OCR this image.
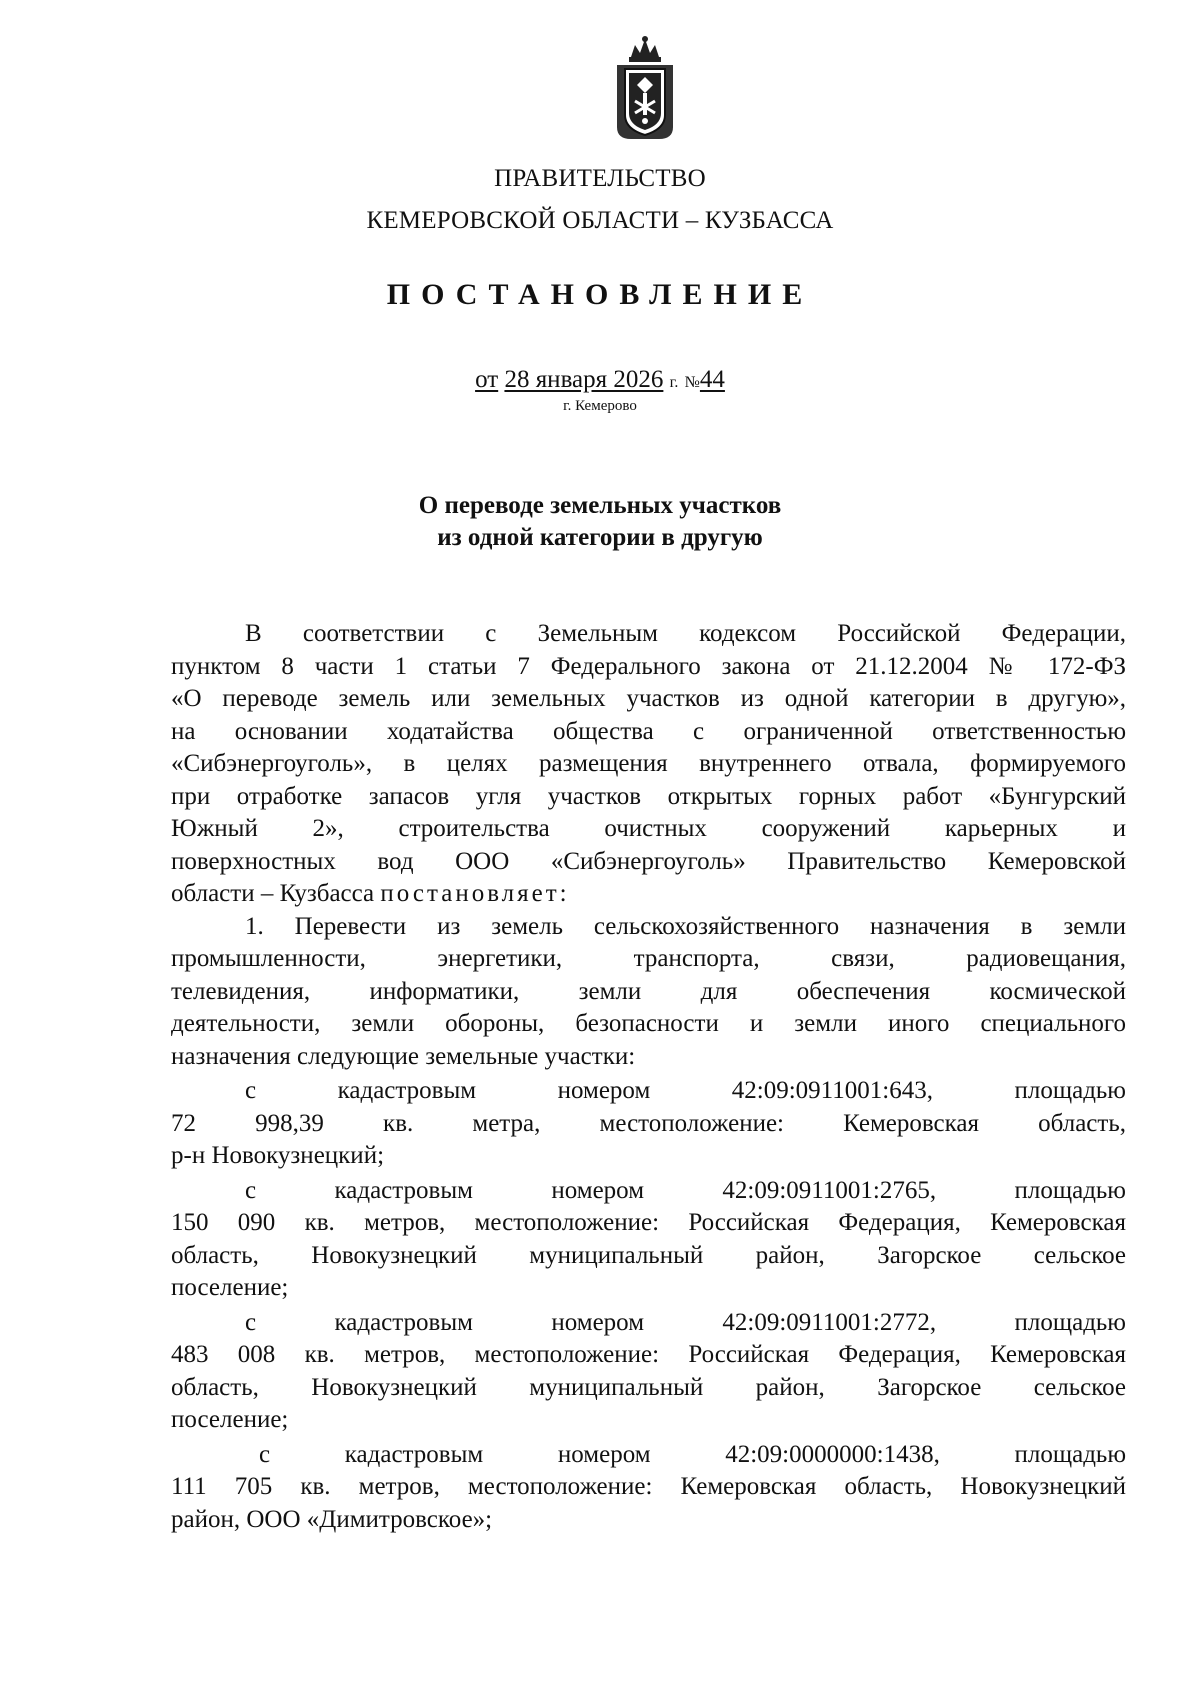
ПРАВИТЕЛЬСТВО
КЕМЕРОВСКОЙ ОБЛАСТИ – КУЗБАССА
ПОСТАНОВЛЕНИЕ
от 28 января 2026 г. №44
г. Кемерово
О переводе земельных участков
из одной категории в другую
В соответствии с Земельным кодексом Российской Федерации,
пунктом 8 части 1 статьи 7 Федерального закона от 21.12.2004 № 172-ФЗ
«О переводе земель или земельных участков из одной категории в другую»,
на основании ходатайства общества с ограниченной ответственностью
«Сибэнергоуголь», в целях размещения внутреннего отвала, формируемого
при отработке запасов угля участков открытых горных работ «Бунгурский
Южный 2», строительства очистных сооружений карьерных и
поверхностных вод ООО «Сибэнергоуголь» Правительство Кемеровской
области – Кузбасса постановляет:
1. Перевести из земель сельскохозяйственного назначения в земли
промышленности, энергетики, транспорта, связи, радиовещания,
телевидения, информатики, земли для обеспечения космической
деятельности, земли обороны, безопасности и земли иного специального
назначения следующие земельные участки:
с кадастровым номером 42:09:0911001:643, площадью
72 998,39 кв. метра, местоположение: Кемеровская область,
р-н Новокузнецкий;
с кадастровым номером 42:09:0911001:2765, площадью
150 090 кв. метров, местоположение: Российская Федерация, Кемеровская
область, Новокузнецкий муниципальный район, Загорское сельское
поселение;
с кадастровым номером 42:09:0911001:2772, площадью
483 008 кв. метров, местоположение: Российская Федерация, Кемеровская
область, Новокузнецкий муниципальный район, Загорское сельское
поселение;
с кадастровым номером 42:09:0000000:1438, площадью
111 705 кв. метров, местоположение: Кемеровская область, Новокузнецкий
район, ООО «Димитровское»;
